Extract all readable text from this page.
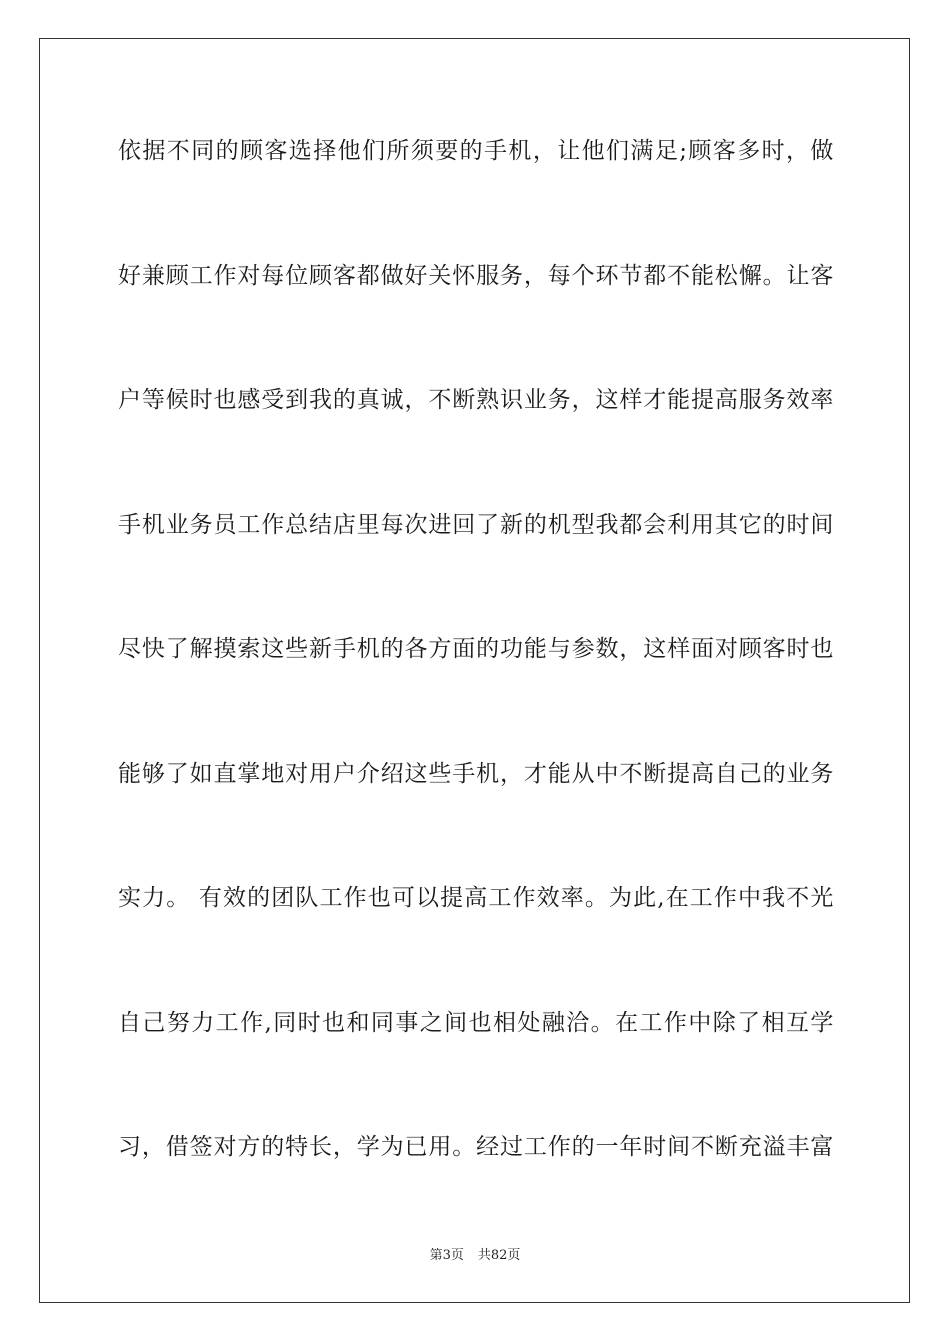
依据不同的顾客选择他们所须要的手机，让他们满足;顾客多时，做
好兼顾工作对每位顾客都做好关怀服务，每个环节都不能松懈。让客
户等候时也感受到我的真诚，不断熟识业务，这样才能提高服务效率
手机业务员工作总结店里每次进回了新的机型我都会利用其它的时间
尽快了解摸索这些新手机的各方面的功能与参数，这样面对顾客时也
能够了如直掌地对用户介绍这些手机，才能从中不断提高自己的业务
实力。 有效的团队工作也可以提高工作效率。为此,在工作中我不光
自己努力工作,同时也和同事之间也相处融洽。在工作中除了相互学
习，借签对方的特长，学为已用。经过工作的一年时间不断充溢丰富
第3页 共82页
